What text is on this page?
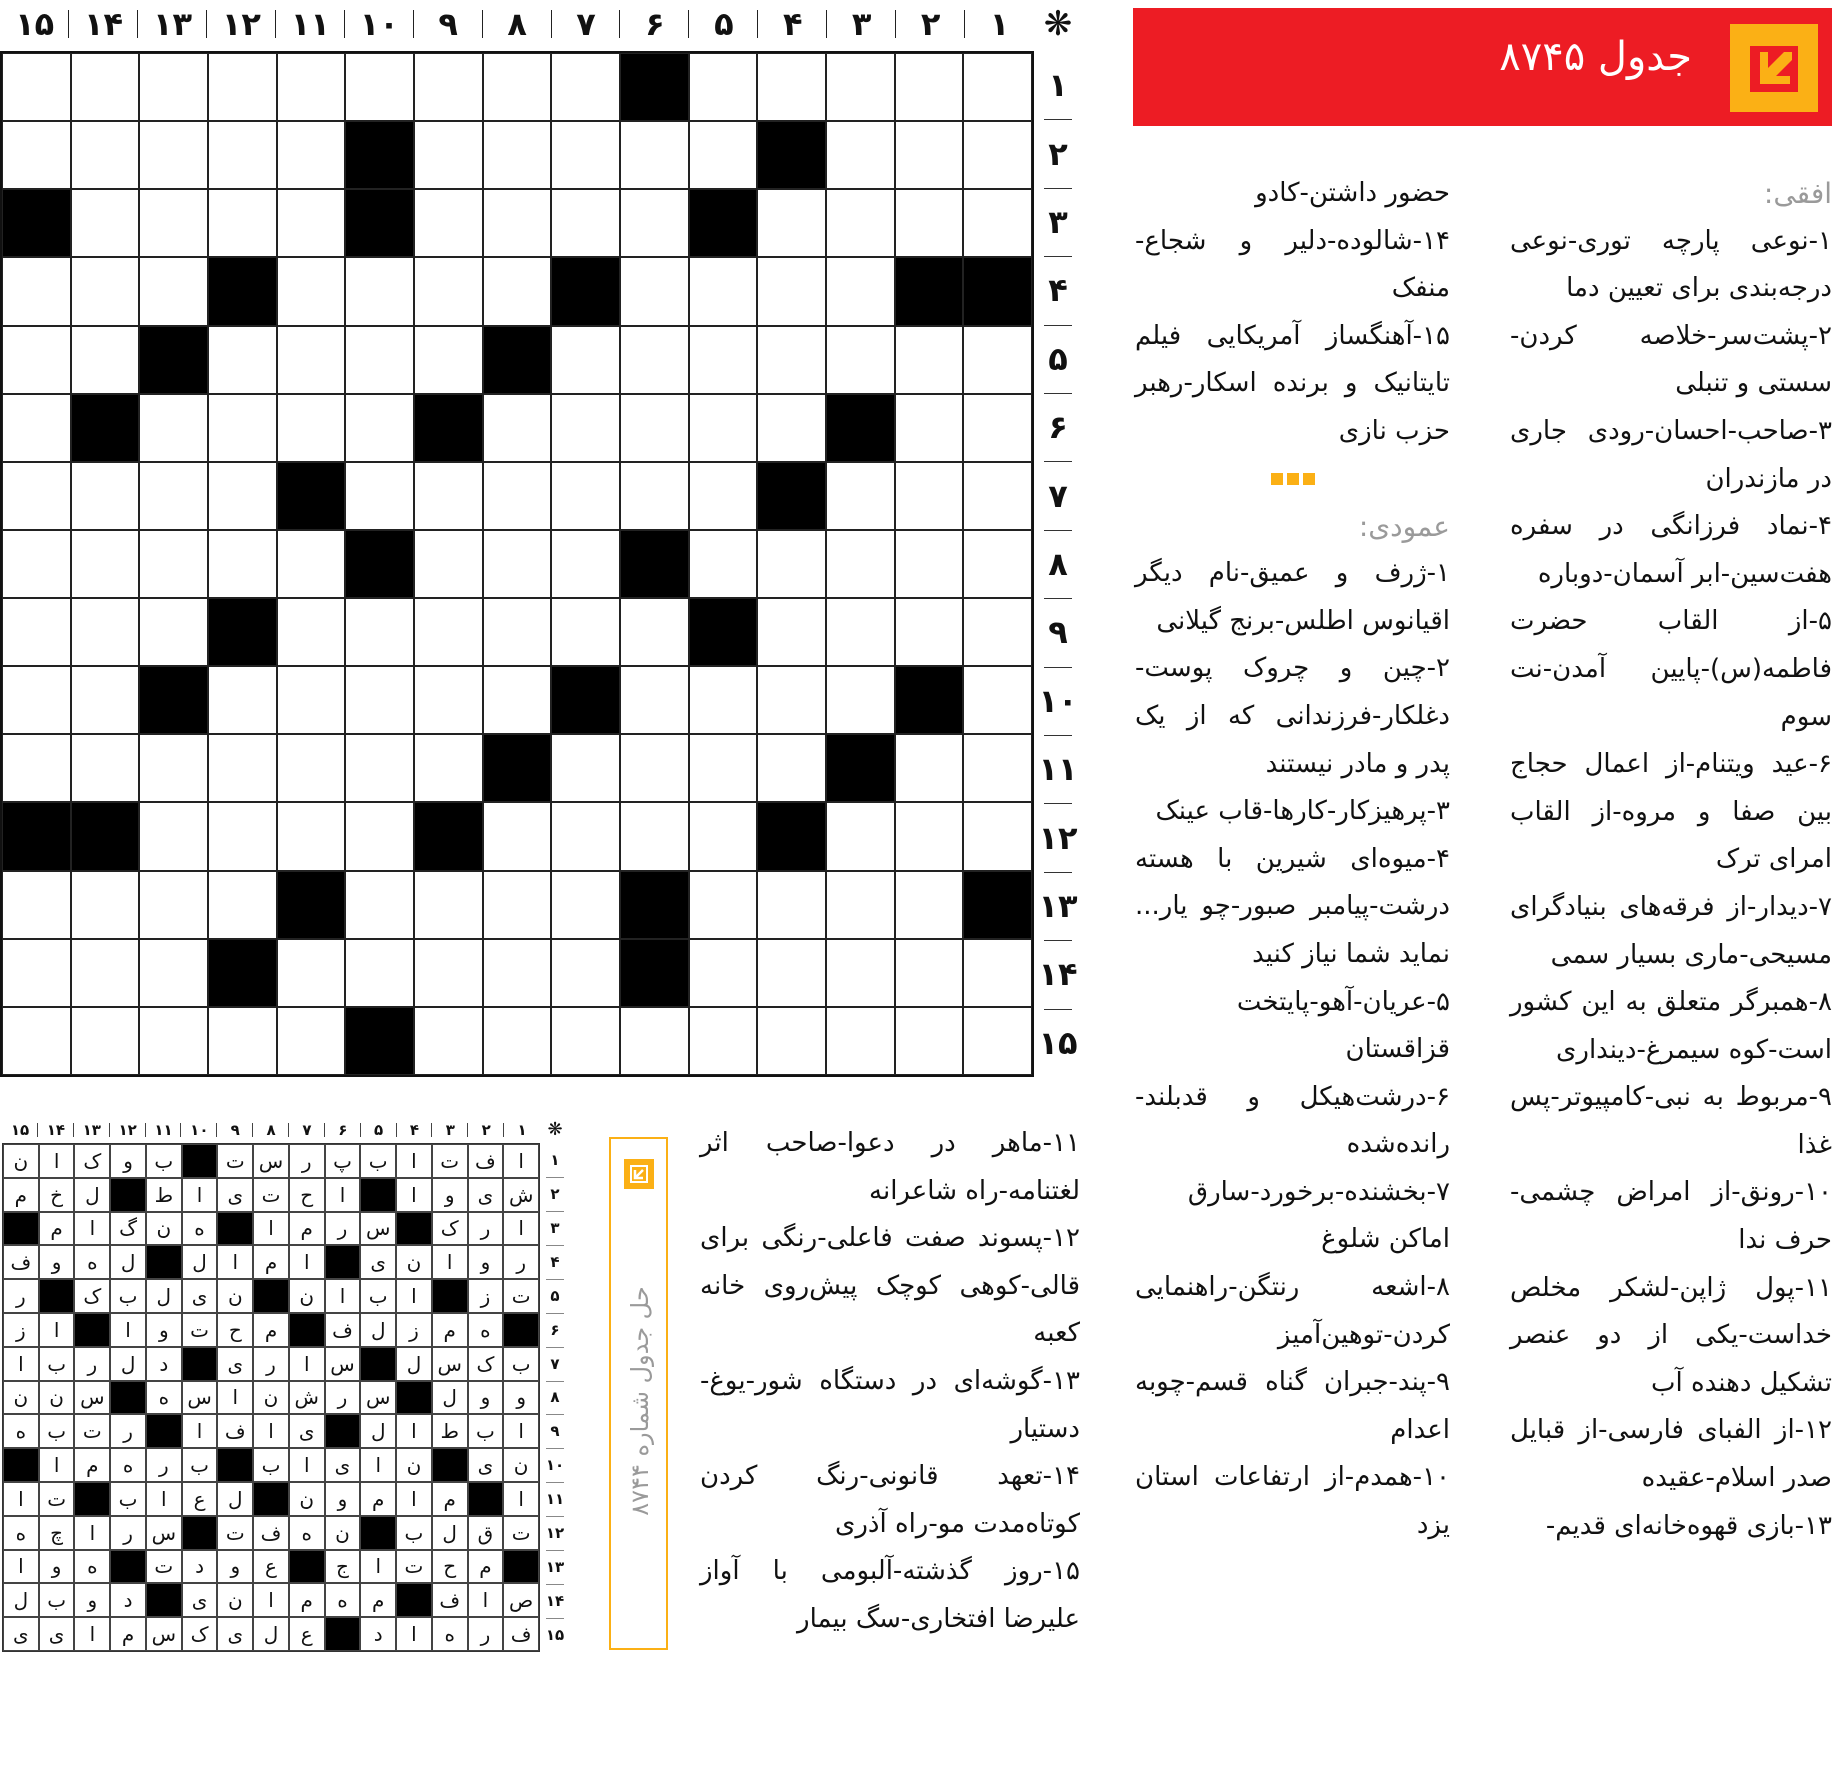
۱
۲
۳
۴
۵
۶
۷
۸
۹
۱۰
۱۱
۱۲
۱۳
۱۴
۱۵	❋
۱
۲
۳
۴
۵
۶
۷
۸
۹
۱۰
۱۱
۱۲
۱۳
۱۴
۱۵
جدول ۸۷۴۵

افقی:

۱-نوعی پارچه توری-نوعی درجه‌بندی برای تعیین دما

۲-پشت‌سر-خلاصه کردن-سستی و تنبلی

۳-صاحب-احسان-رودی جاری در مازندران

۴-نماد فرزانگی در سفره هفت‌سین-ابر آسمان-دوباره

۵-از القاب حضرت فاطمه(س)-پایین آمدن-نت سوم

۶-عید ویتنام-از اعمال حجاج بین صفا و مروه-از القاب امرای ترک

۷-دیدار-از فرقه‌های بنیادگرای مسیحی-ماری بسیار سمی

۸-همبرگر متعلق به این کشور است-کوه سیمرغ-دینداری

۹-مربوط به نبی-کامپیوتر-پس غذا

۱۰-رونق-از امراض چشمی-حرف ندا

۱۱-پول ژاپن-لشکر مخلص خداست-یکی از دو عنصر تشکیل دهنده آب

۱۲-از الفبای فارسی-از قبایل صدر اسلام-عقیده

۱۳-بازی قهوه‌خانه‌ای قدیم-

حضور داشتن-کادو

۱۴-شالوده-دلیر و شجاع-منفک

۱۵-آهنگساز آمریکایی فیلم تایتانیک و برنده اسکار-رهبر حزب نازی

عمودی:

۱-ژرف و عمیق-نام دیگر اقیانوس اطلس-برنج گیلانی

۲-چین و چروک پوست-دغلکار-فرزندانی که از یک پدر و مادر نیستند

۳-پرهیزکار-کارها-قاب عینک

۴-میوه‌ای شیرین با هسته درشت-پیامبر صبور-چو یار... نماید شما نیاز کنید

۵-عریان-آهو-پایتخت قزاقستان

۶-درشت‌هیکل و قدبلند-رانده‌شده

۷-بخشنده-برخورد-سارق اماکن شلوغ

۸-اشعه رنتگن-راهنمایی کردن-توهین‌آمیز

۹-پند-جبران گناه قسم-چوبه اعدام

۱۰-همدم-از ارتفاعات استان یزد

۱۱-ماهر در دعوا-صاحب اثر لغتنامه-راه شاعرانه

۱۲-پسوند صفت فاعلی-رنگی برای قالی-کوهی کوچک پیش‌روی خانه کعبه

۱۳-گوشه‌ای در دستگاه شور-یوغ-دستیار

۱۴-تعهد قانونی-رنگ کردن کوتاه‌مدت مو-راه آذری

۱۵-روز گذشته-آلبومی با آواز علیرضا افتخاری-سگ بیمار

۱
۲
۳
۴
۵
۶
۷
۸
۹
۱۰
۱۱
۱۲
۱۳
۱۴
۱۵	❋
ا
ف
ت
ا
ب
پ
ر
س
ت
ب
و
ک
ا
ن
ش
ی
و
ا
ا
ح
ت
ی
ا
ط
ل
خ
م
ا
ر
ک
س
ر
م
ا
ه
ن
گ
ا
م
ر
و
ا
ن
ی
ا
م
ا
ل
ل
ه
و
ف
ت
ز
ا
ب
ا
ن
ن
ی
ل
ب
ک
ر
ه
م
ز
ل
ف
م
ح
ت
و
ا
ا
ز
ب
ک
س
ل
س
ا
ر
ی
د
ل
ر
ب
ا
و
و
ل
س
ر
ش
ن
ا
س
ه
س
ن
ن
ا
ب
ط
ا
ل
ی
ا
ف
ا
ر
ت
ب
ه
ن
ی
ن
ا
ی
ا
ب
ب
ر
ه
م
ا
ا
م
ا
م
و
ن
ل
ع
ا
ب
ت
ا
ت
ق
ل
ب
ن
ه
ف
ت
س
ر
ا
چ
ه
م
ح
ت
ا
ج
ع
و
د
ت
ه
و
ا
ص
ا
ف
م
ه
م
ا
ن
ی
د
و
ب
ل
ف
ر
ه
ا
د
ع
ل
ی
ک
س
م
ا
ی
ی
۱
۲
۳
۴
۵
۶
۷
۸
۹
۱۰
۱۱
۱۲
۱۳
۱۴
۱۵
حل جدول شماره ۸۷۴۴
